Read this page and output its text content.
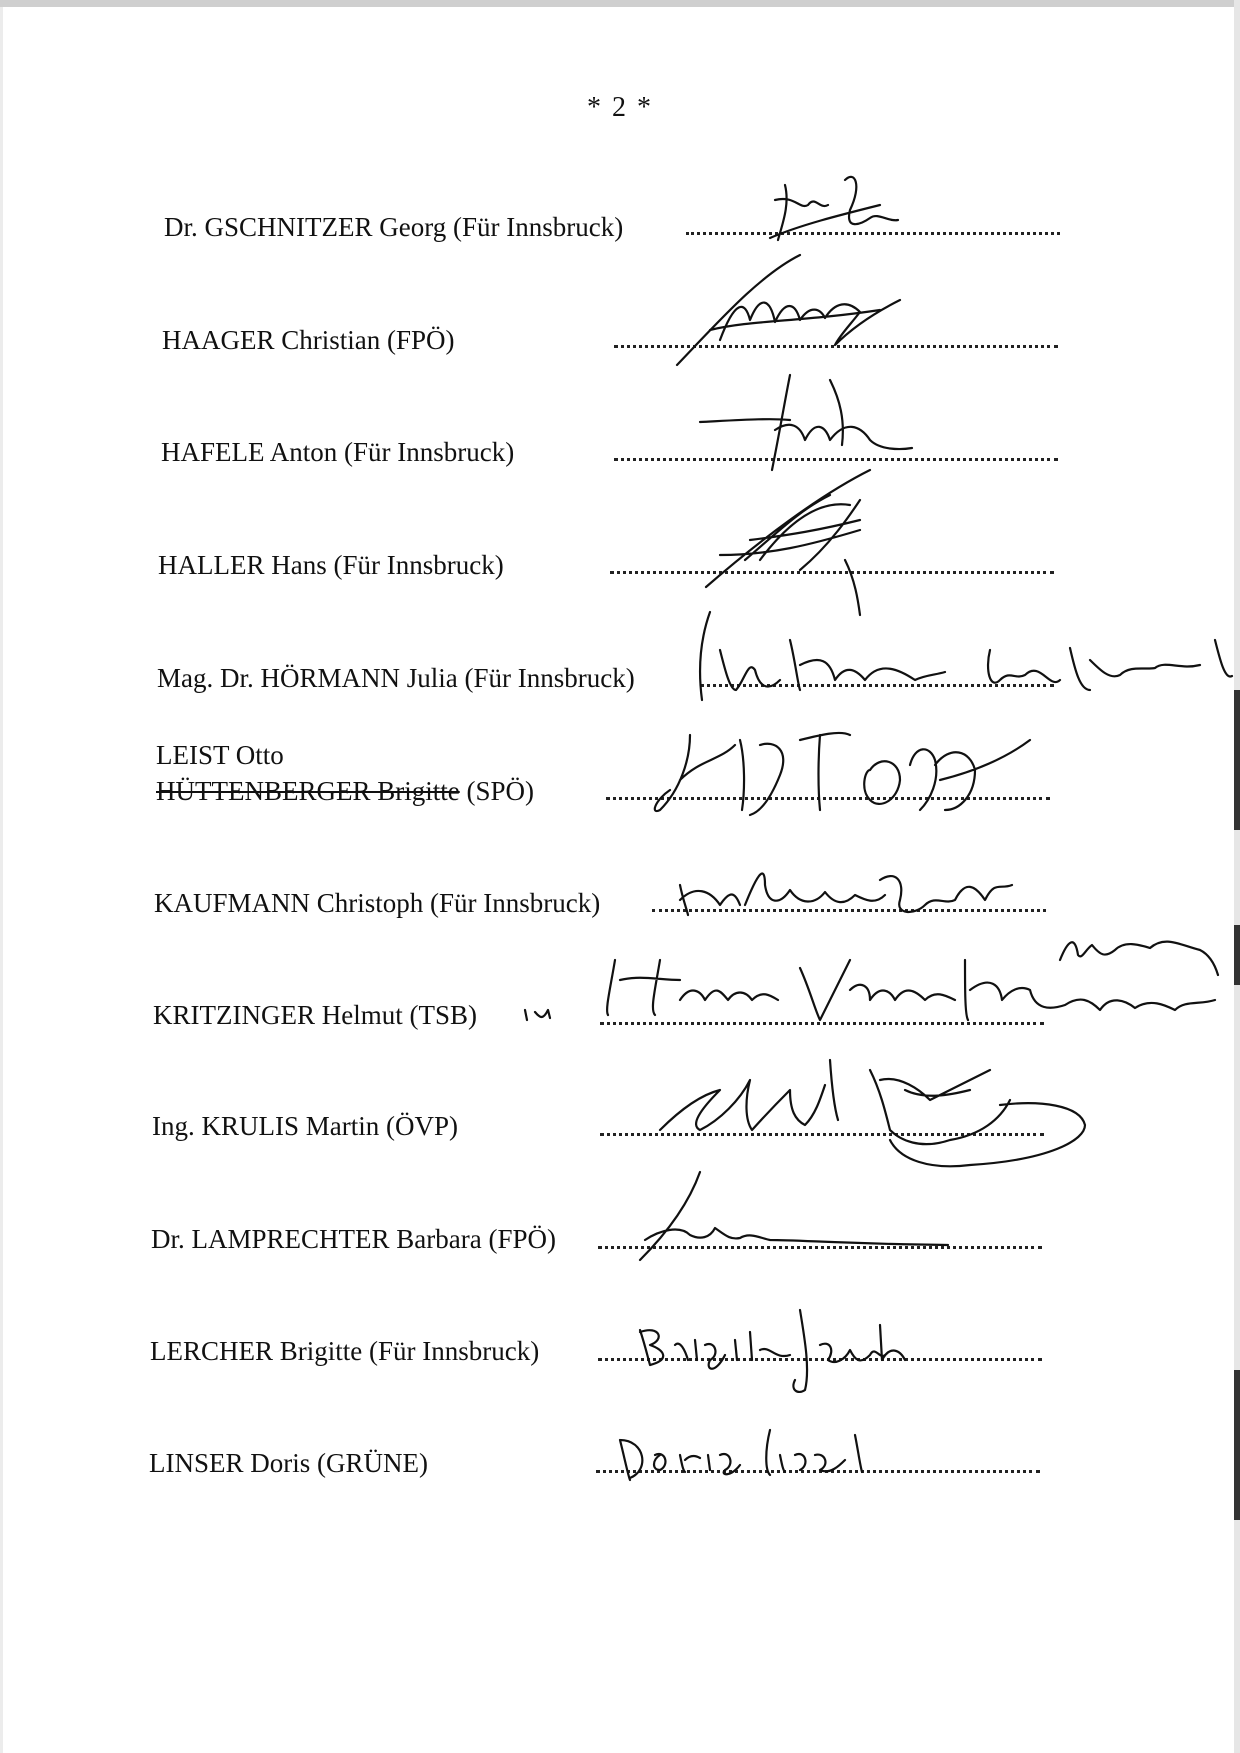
* 2 *
Dr. GSCHNITZER Georg (Für Innsbruck)
HAAGER Christian (FPÖ)
HAFELE Anton (Für Innsbruck)
HALLER Hans (Für Innsbruck)
Mag. Dr. HÖRMANN Julia (Für Innsbruck)
LEIST Otto
HÜTTENBERGER Brigitte (SPÖ)
KAUFMANN Christoph (Für Innsbruck)
KRITZINGER Helmut (TSB)
Ing. KRULIS Martin (ÖVP)
Dr. LAMPRECHTER Barbara (FPÖ)
LERCHER Brigitte (Für Innsbruck)
LINSER Doris (GRÜNE)
